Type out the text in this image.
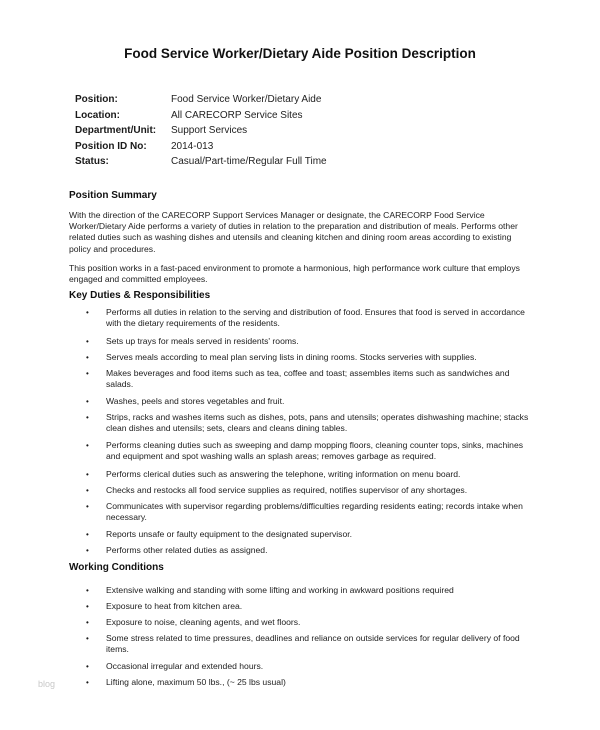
Food Service Worker/Dietary Aide Position Description
Position:	Food Service Worker/Dietary Aide
Location:	All CARECORP Service Sites
Department/Unit:	Support Services
Position ID No:	2014-013
Status:	Casual/Part-time/Regular Full Time
Position Summary
With the direction of the CARECORP Support Services Manager or designate, the CARECORP Food Service Worker/Dietary Aide performs a variety of duties in relation to the preparation and distribution of meals. Performs other related duties such as washing dishes and utensils and cleaning kitchen and dining room areas according to existing policy and procedures.
This position works in a fast-paced environment to promote a harmonious, high performance work culture that employs engaged and committed employees.
Key Duties & Responsibilities
• Performs all duties in relation to the serving and distribution of food. Ensures that food is served in accordance with the dietary requirements of the residents.
• Sets up trays for meals served in residents' rooms.
• Serves meals according to meal plan serving lists in dining rooms. Stocks serveries with supplies.
• Makes beverages and food items such as tea, coffee and toast; assembles items such as sandwiches and salads.
• Washes, peels and stores vegetables and fruit.
• Strips, racks and washes items such as dishes, pots, pans and utensils; operates dishwashing machine; stacks clean dishes and utensils; sets, clears and cleans dining tables.
• Performs cleaning duties such as sweeping and damp mopping floors, cleaning counter tops, sinks, machines and equipment and spot washing walls an splash areas; removes garbage as required.
• Performs clerical duties such as answering the telephone, writing information on menu board.
• Checks and restocks all food service supplies as required, notifies supervisor of any shortages.
• Communicates with supervisor regarding problems/difficulties regarding residents eating; records intake when necessary.
• Reports unsafe or faulty equipment to the designated supervisor.
• Performs other related duties as assigned.
Working Conditions
• Extensive walking and standing with some lifting and working in awkward positions required
• Exposure to heat from kitchen area.
• Exposure to noise, cleaning agents, and wet floors.
• Some stress related to time pressures, deadlines and reliance on outside services for regular delivery of food items.
• Occasional irregular and extended hours.
• Lifting alone, maximum 50 lbs., (~ 25 lbs usual)
blog
